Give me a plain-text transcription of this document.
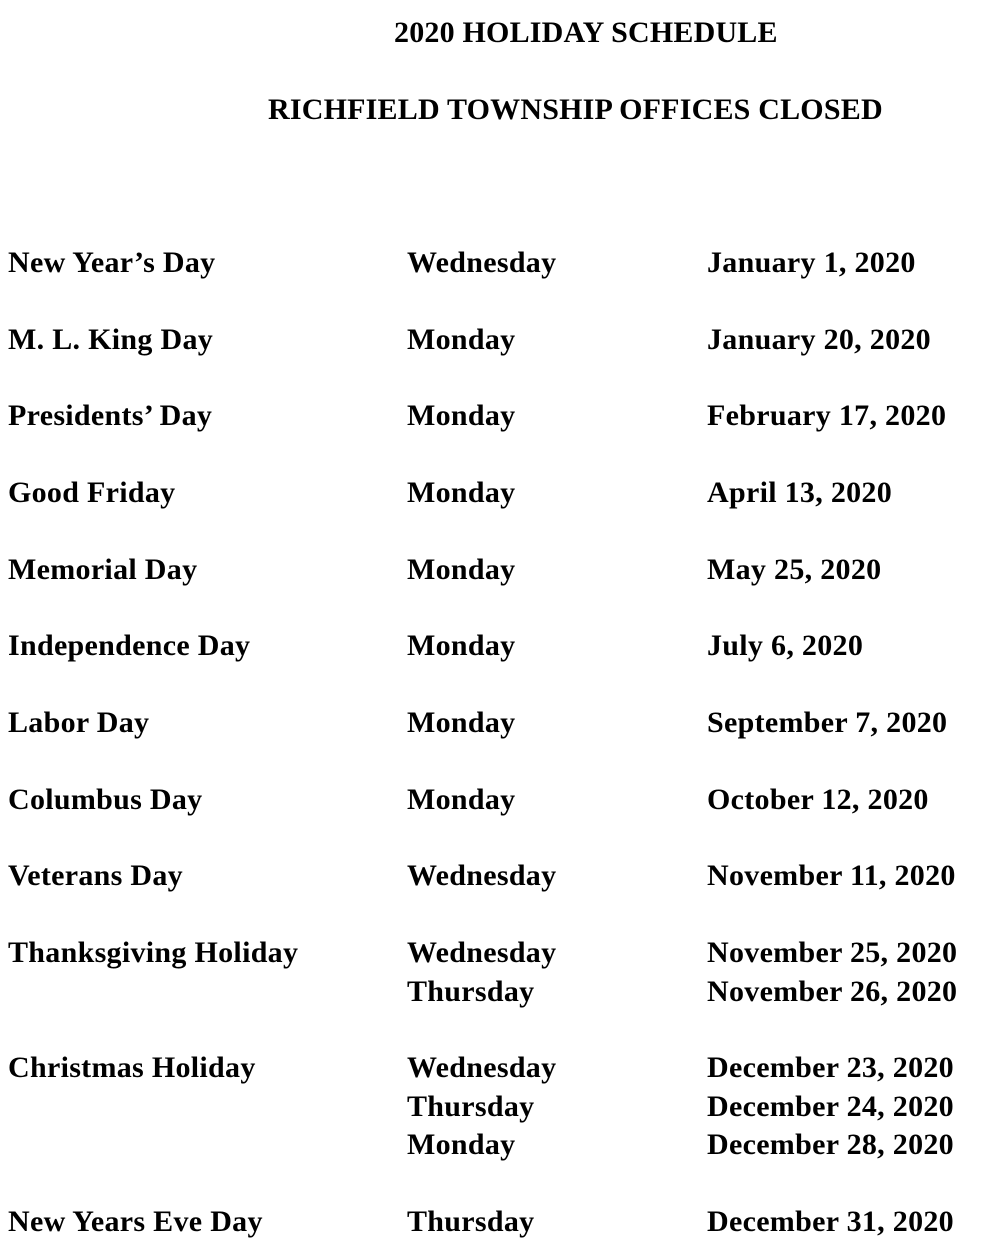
2020 HOLIDAY SCHEDULE
RICHFIELD TOWNSHIP OFFICES CLOSED
New Year’s Day	Wednesday	January 1, 2020
M. L. King Day	Monday	January 20, 2020
Presidents’ Day	Monday	February 17, 2020
Good Friday	Monday	April 13, 2020
Memorial Day	Monday	May 25, 2020
Independence Day	Monday	July 6, 2020
Labor Day	Monday	September 7, 2020
Columbus Day	Monday	October 12, 2020
Veterans Day	Wednesday	November 11, 2020
Thanksgiving Holiday	Wednesday	November 25, 2020
Thursday	November 26, 2020
Christmas Holiday	Wednesday	December 23, 2020
Thursday	December 24, 2020
Monday	December 28, 2020
New Years Eve Day	Thursday	December 31, 2020
